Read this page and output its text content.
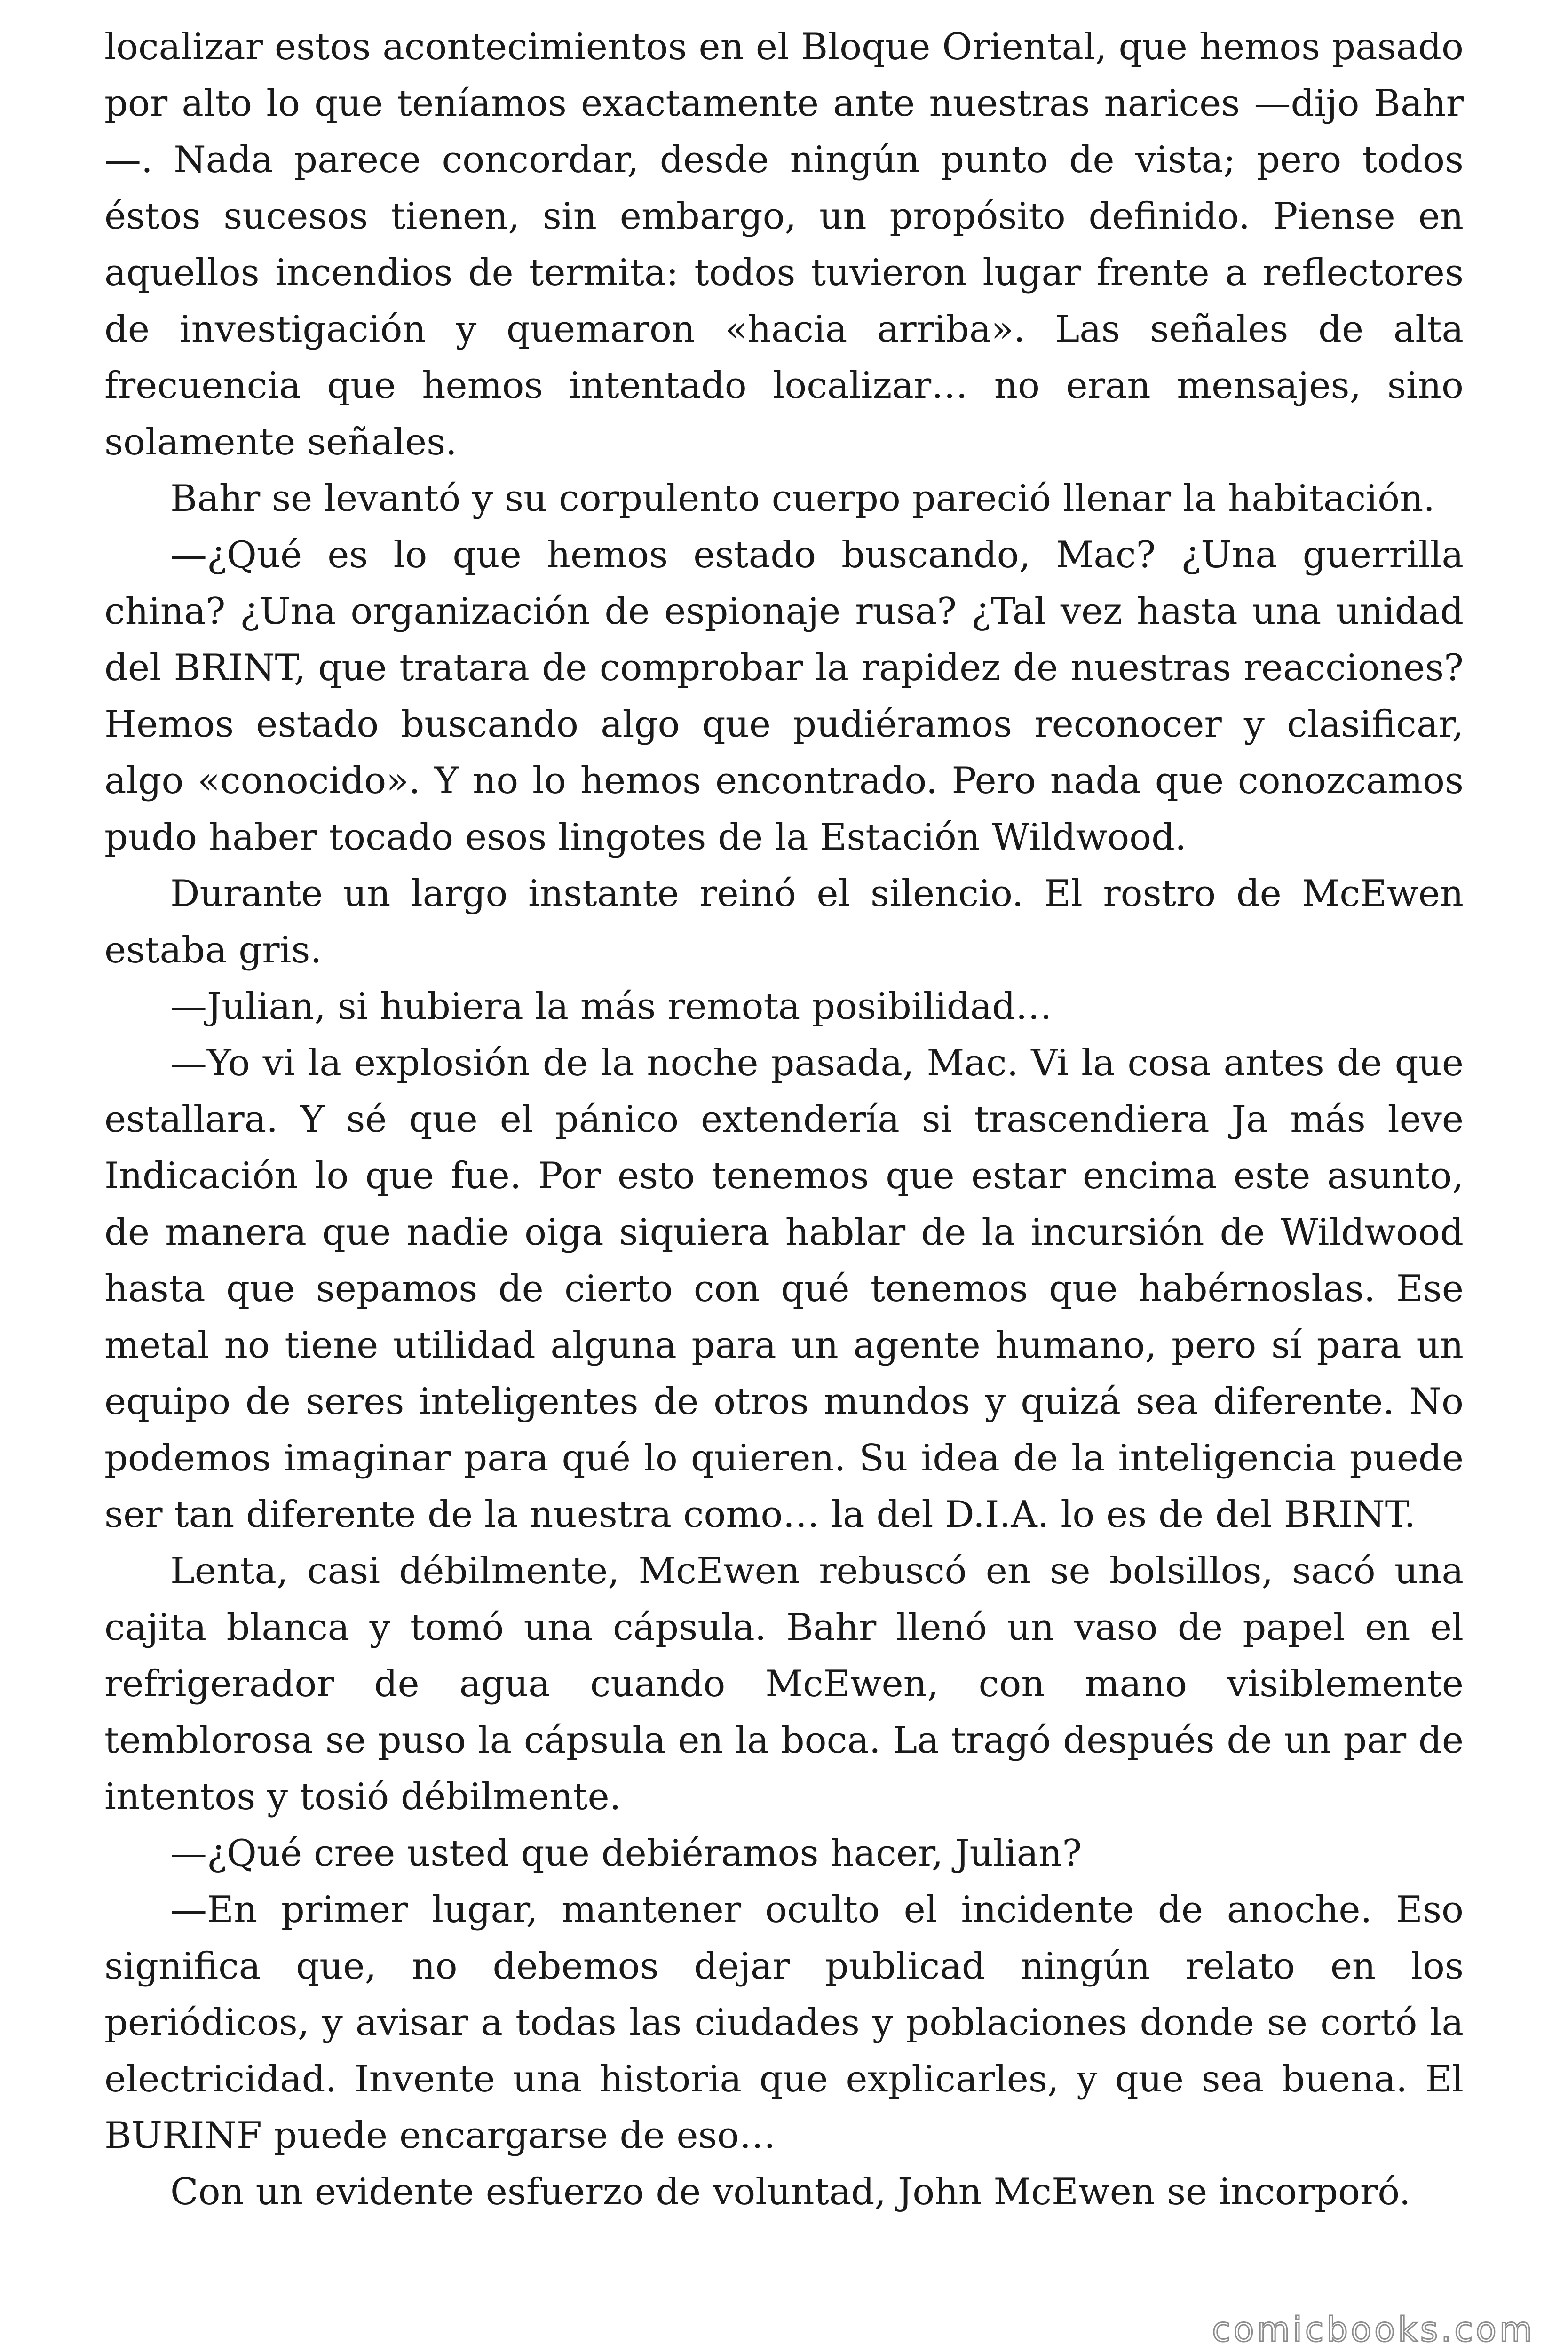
localizar estos acontecimientos en el Bloque Oriental, que hemos pasado por alto lo que teníamos exactamente ante nuestras narices —dijo Bahr—. Nada parece concordar, desde ningún punto de vista; pero todos éstos sucesos tienen, sin embargo, un propósito definido. Piense en aquellos incendios de termita: todos tuvieron lugar frente a reflectores de investigación y quemaron «hacia arriba». Las señales de alta frecuencia que hemos intentado localizar… no eran mensajes, sino solamente señales.

Bahr se levantó y su corpulento cuerpo pareció llenar la habitación.

—¿Qué es lo que hemos estado buscando, Mac? ¿Una guerrilla china? ¿Una organización de espionaje rusa? ¿Tal vez hasta una unidad del BRINT, que tratara de comprobar la rapidez de nuestras reacciones? Hemos estado buscando algo que pudiéramos reconocer y clasificar, algo «conocido». Y no lo hemos encontrado. Pero nada que conozcamos pudo haber tocado esos lingotes de la Estación Wildwood.

Durante un largo instante reinó el silencio. El rostro de McEwen estaba gris.

—Julian, si hubiera la más remota posibilidad…

—Yo vi la explosión de la noche pasada, Mac. Vi la cosa antes de que estallara. Y sé que el pánico extendería si trascendiera Ja más leve Indicación lo que fue. Por esto tenemos que estar encima este asunto, de manera que nadie oiga siquiera hablar de la incursión de Wildwood hasta que sepamos de cierto con qué tenemos que habérnoslas. Ese metal no tiene utilidad alguna para un agente humano, pero sí para un equipo de seres inteligentes de otros mundos y quizá sea diferente. No podemos imaginar para qué lo quieren. Su idea de la inteligencia puede ser tan diferente de la nuestra como… la del D.I.A. lo es de del BRINT.

Lenta, casi débilmente, McEwen rebuscó en se bolsillos, sacó una cajita blanca y tomó una cápsula. Bahr llenó un vaso de papel en el refrigerador de agua cuando McEwen, con mano visiblemente temblorosa se puso la cápsula en la boca. La tragó después de un par de intentos y tosió débilmente.

—¿Qué cree usted que debiéramos hacer, Julian?

—En primer lugar, mantener oculto el incidente de anoche. Eso significa que, no debemos dejar publicad ningún relato en los periódicos, y avisar a todas las ciudades y poblaciones donde se cortó la electricidad. Invente una historia que explicarles, y que sea buena. El BURINF puede encargarse de eso…

Con un evidente esfuerzo de voluntad, John McEwen se incorporó.

comicbooks.com
